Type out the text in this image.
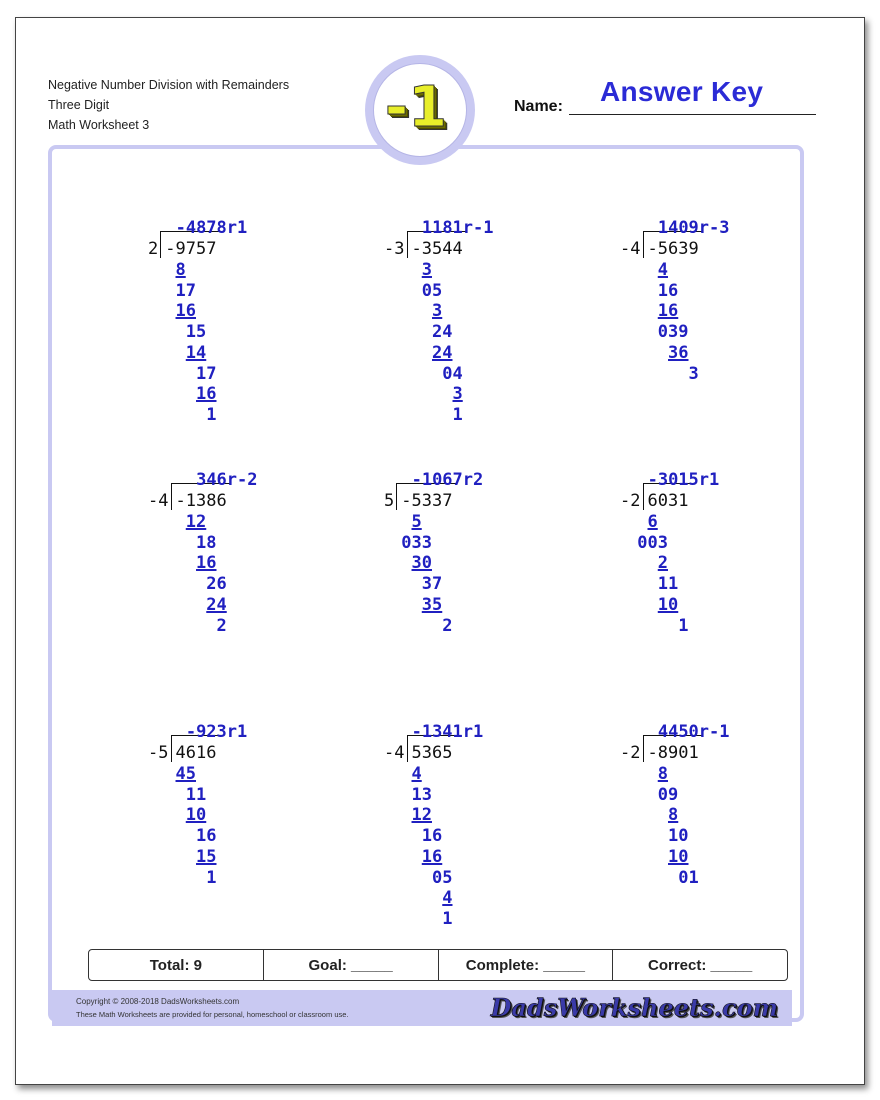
Negative Number Division with Remainders
Three Digit
Math Worksheet 3	-1	Name: Answer Key
2 -9757
-4878r1
8
17
16
15
14
17
16
1
-3 -3544
1181r-1
3
05
3
24
24
04
3
1
-4 -5639
1409r-3
4
16
16
039
36
3
-4 -1386
346r-2
12
18
16
26
24
2
5 -5337
-1067r2
5
033
30
37
35
2
-2 6031
-3015r1
6
003
2
11
10
1
-5 4616
-923r1
45
11
10
16
15
1
-4 5365
-1341r1
4
13
12
16
16
05
4
1
-2 -8901
4450r-1
8
09
8
10
10
01
Total: 9	Goal: _____	Complete: _____	Correct: _____
Copyright © 2008-2018 DadsWorksheets.com
These Math Worksheets are provided for personal, homeschool or classroom use.	DadsWorksheets.com
